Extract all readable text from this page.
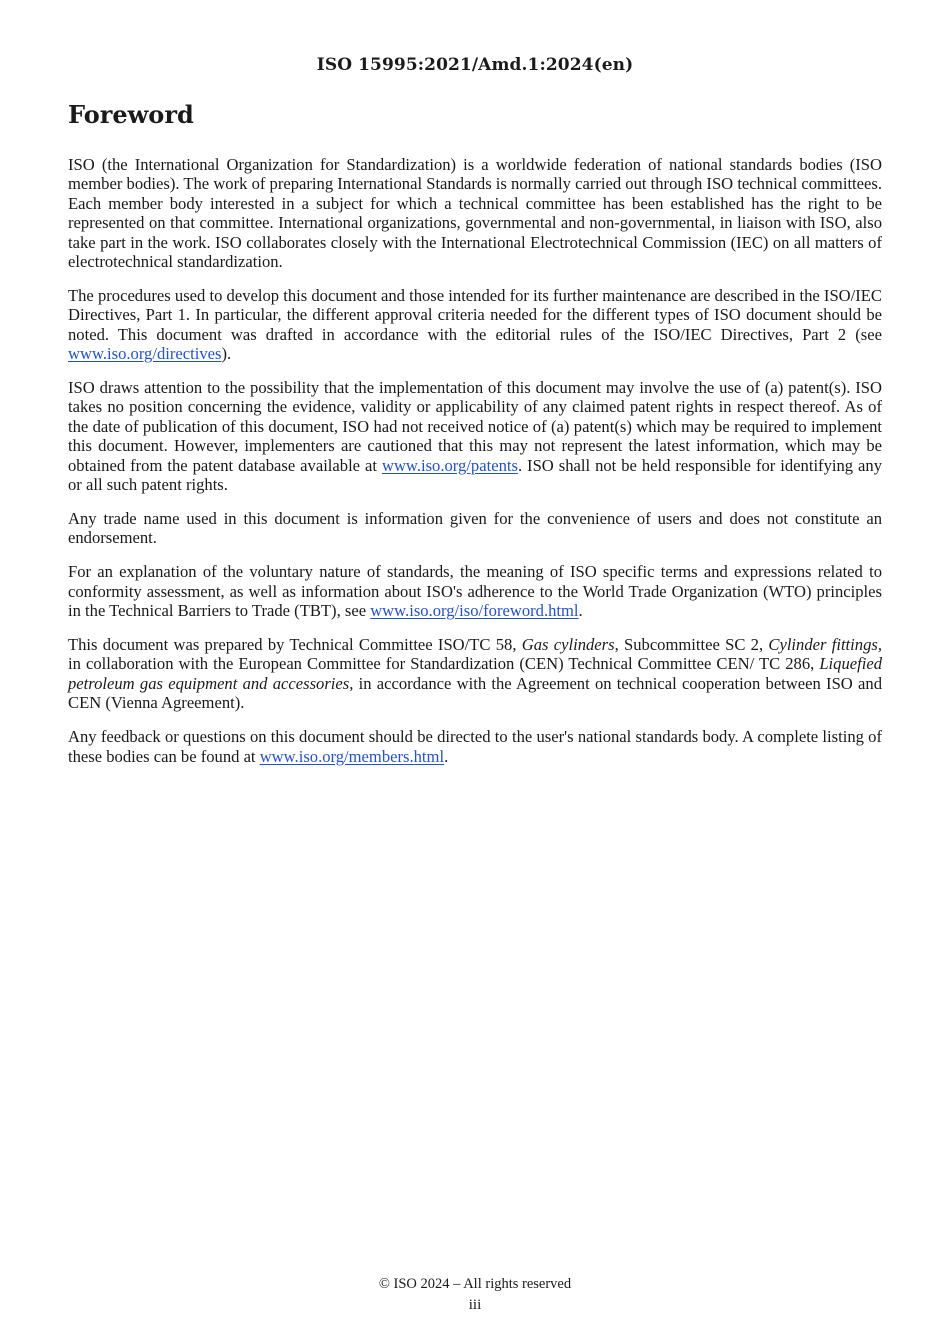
ISO 15995:2021/Amd.1:2024(en)
Foreword

ISO (the International Organization for Standardization) is a worldwide federation of national standards bodies (ISO member bodies). The work of preparing International Standards is normally carried out through ISO technical committees. Each member body interested in a subject for which a technical committee has been established has the right to be represented on that committee. International organizations, governmental and non-governmental, in liaison with ISO, also take part in the work. ISO collaborates closely with the International Electrotechnical Commission (IEC) on all matters of electrotechnical standardization.

The procedures used to develop this document and those intended for its further maintenance are described in the ISO/IEC Directives, Part 1. In particular, the different approval criteria needed for the different types of ISO document should be noted. This document was drafted in accordance with the editorial rules of the ISO/IEC Directives, Part 2 (see www.iso.org/directives).

ISO draws attention to the possibility that the implementation of this document may involve the use of (a) patent(s). ISO takes no position concerning the evidence, validity or applicability of any claimed patent rights in respect thereof. As of the date of publication of this document, ISO had not received notice of (a) patent(s) which may be required to implement this document. However, implementers are cautioned that this may not represent the latest information, which may be obtained from the patent database available at www.iso.org/patents. ISO shall not be held responsible for identifying any or all such patent rights.

Any trade name used in this document is information given for the convenience of users and does not constitute an endorsement.

For an explanation of the voluntary nature of standards, the meaning of ISO specific terms and expressions related to conformity assessment, as well as information about ISO's adherence to the World Trade Organization (WTO) principles in the Technical Barriers to Trade (TBT), see www.iso.org/iso/foreword.html.

This document was prepared by Technical Committee ISO/TC 58, Gas cylinders, Subcommittee SC 2, Cylinder fittings, in collaboration with the European Committee for Standardization (CEN) Technical Committee CEN/ TC 286, Liquefied petroleum gas equipment and accessories, in accordance with the Agreement on technical cooperation between ISO and CEN (Vienna Agreement).

Any feedback or questions on this document should be directed to the user's national standards body. A complete listing of these bodies can be found at www.iso.org/members.html.

© ISO 2024 – All rights reserved
iii
